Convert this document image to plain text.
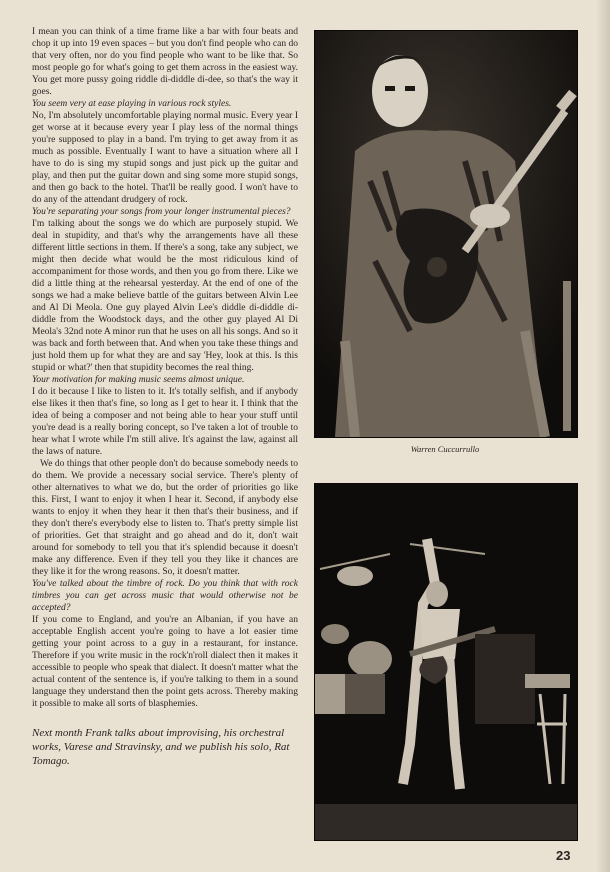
I mean you can think of a time frame like a bar with four beats and chop it up into 19 even spaces – but you don't find people who can do that very often, nor do you find people who want to be like that. So most people go for what's going to get them across in the easiest way. You get more pussy going riddle di-diddle di-dee, so that's the way it goes.

You seem very at ease playing in various rock styles.

No, I'm absolutely uncomfortable playing normal music. Every year I get worse at it because every year I play less of the normal things you're supposed to play in a band. I'm trying to get away from it as much as possible. Eventually I want to have a situation where all I have to do is sing my stupid songs and just pick up the guitar and play, and then put the guitar down and sing some more stupid songs, and then go back to the hotel. That'll be really good. I won't have to do any of the attendant drudgery of rock.

You're separating your songs from your longer instrumental pieces?

I'm talking about the songs we do which are purposely stupid. We deal in stupidity, and that's why the arrangements have all these different little sections in them. If there's a song, take any subject, we might then decide what would be the most ridiculous kind of accompaniment for those words, and then you go from there. Like we did a little thing at the rehearsal yesterday. At the end of one of the songs we had a make believe battle of the guitars between Alvin Lee and Al Di Meola. One guy played Alvin Lee's diddle di-diddle di-diddle from the Woodstock days, and the other guy played Al Di Meola's 32nd note A minor run that he uses on all his songs. And so it was back and forth between that. And when you take these things and just hold them up for what they are and say 'Hey, look at this. Is this stupid or what?' then that stupidity becomes the real thing.

Your motivation for making music seems almost unique.

I do it because I like to listen to it. It's totally selfish, and if anybody else likes it then that's fine, so long as I get to hear it. I think that the idea of being a composer and not being able to hear your stuff until you're dead is a really boring concept, so I've taken a lot of trouble to hear what I wrote while I'm still alive. It's against the law, against all the laws of nature.

We do things that other people don't do because somebody needs to do them. We provide a necessary social service. There's plenty of other alternatives to what we do, but the order of priorities go like this. First, I want to enjoy it when I hear it. Second, if anybody else wants to enjoy it when they hear it then that's their business, and if they don't there's everybody else to listen to. That's pretty simple list of priorities. Get that straight and go ahead and do it, don't wait around for somebody to tell you that it's splendid because it doesn't make any difference. Even if they tell you they like it chances are they like it for the wrong reasons. So, it doesn't matter.

You've talked about the timbre of rock. Do you think that with rock timbres you can get across music that would otherwise not be accepted?

If you come to England, and you're an Albanian, if you have an acceptable English accent you're going to have a lot easier time getting your point across to a guy in a restaurant, for instance. Therefore if you write music in the rock'n'roll dialect then it makes it accessible to people who speak that dialect. It doesn't matter what the actual content of the sentence is, if you're talking to them in a sound language they understand then the point gets across. Thereby making it possible to make all sorts of blasphemies.

Next month Frank talks about improvising, his orchestral works, Varese and Stravinsky, and we publish his solo, Rat Tomago.

Warren Cuccurrullo
23
